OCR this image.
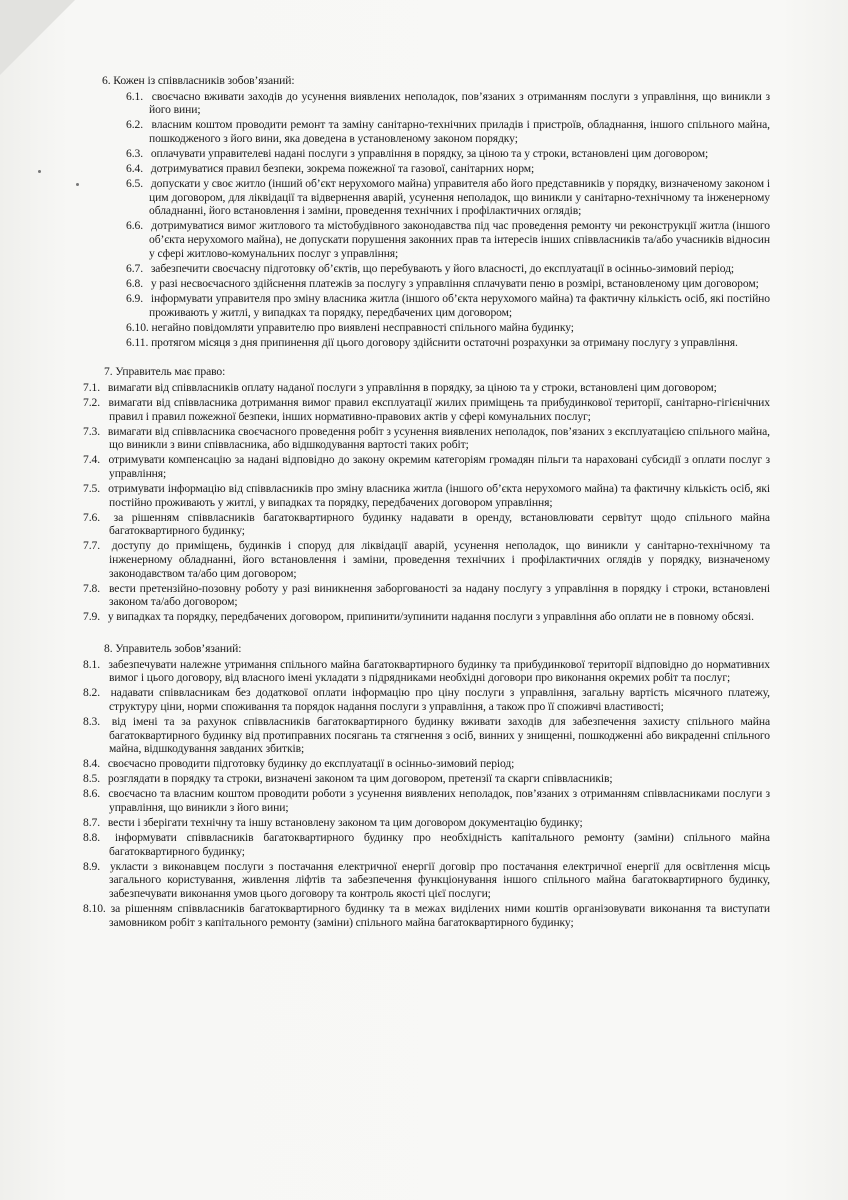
6. Кожен із співвласників зобов’язаний:
6.1. своєчасно вживати заходів до усунення виявлених неполадок, пов’язаних з отриманням послуги з управління, що виникли з його вини;
6.2. власним коштом проводити ремонт та заміну санітарно-технічних приладів і пристроїв, обладнання, іншого спільного майна, пошкодженого з його вини, яка доведена в установленому законом порядку;
6.3. оплачувати управителеві надані послуги з управління в порядку, за ціною та у строки, встановлені цим договором;
6.4. дотримуватися правил безпеки, зокрема пожежної та газової, санітарних норм;
6.5. допускати у своє житло (інший об’єкт нерухомого майна) управителя або його представників у порядку, визначеному законом і цим договором, для ліквідації та відвернення аварій, усунення неполадок, що виникли у санітарно-технічному та інженерному обладнанні, його встановлення і заміни, проведення технічних і профілактичних оглядів;
6.6. дотримуватися вимог житлового та містобудівного законодавства під час проведення ремонту чи реконструкції житла (іншого об’єкта нерухомого майна), не допускати порушення законних прав та інтересів інших співвласників та/або учасників відносин у сфері житлово-комунальних послуг з управління;
6.7. забезпечити своєчасну підготовку об’єктів, що перебувають у його власності, до експлуатації в осінньо-зимовий період;
6.8. у разі несвоєчасного здійснення платежів за послугу з управління сплачувати пеню в розмірі, встановленому цим договором;
6.9. інформувати управителя про зміну власника житла (іншого об’єкта нерухомого майна) та фактичну кількість осіб, які постійно проживають у житлі, у випадках та порядку, передбачених цим договором;
6.10. негайно повідомляти управителю про виявлені несправності спільного майна будинку;
6.11. протягом місяця з дня припинення дії цього договору здійснити остаточні розрахунки за отриману послугу з управління.
7. Управитель має право:
7.1. вимагати від співвласників оплату наданої послуги з управління в порядку, за ціною та у строки, встановлені цим договором;
7.2. вимагати від співвласника дотримання вимог правил експлуатації жилих приміщень та прибудинкової території, санітарно-гігієнічних правил і правил пожежної безпеки, інших нормативно-правових актів у сфері комунальних послуг;
7.3. вимагати від співвласника своєчасного проведення робіт з усунення виявлених неполадок, пов’язаних з експлуатацією спільного майна, що виникли з вини співвласника, або відшкодування вартості таких робіт;
7.4. отримувати компенсацію за надані відповідно до закону окремим категоріям громадян пільги та нараховані субсидії з оплати послуг з управління;
7.5. отримувати інформацію від співвласників про зміну власника житла (іншого об’єкта нерухомого майна) та фактичну кількість осіб, які постійно проживають у житлі, у випадках та порядку, передбачених договором управління;
7.6. за рішенням співвласників багатоквартирного будинку надавати в оренду, встановлювати сервітут щодо спільного майна багатоквартирного будинку;
7.7. доступу до приміщень, будинків і споруд для ліквідації аварій, усунення неполадок, що виникли у санітарно-технічному та інженерному обладнанні, його встановлення і заміни, проведення технічних і профілактичних оглядів у порядку, визначеному законодавством та/або цим договором;
7.8. вести претензійно-позовну роботу у разі виникнення заборгованості за надану послугу з управління в порядку і строки, встановлені законом та/або договором;
7.9. у випадках та порядку, передбачених договором, припинити/зупинити надання послуги з управління або оплати не в повному обсязі.
8. Управитель зобов’язаний:
8.1. забезпечувати належне утримання спільного майна багатоквартирного будинку та прибудинкової території відповідно до нормативних вимог і цього договору, від власного імені укладати з підрядниками необхідні договори про виконання окремих робіт та послуг;
8.2. надавати співвласникам без додаткової оплати інформацію про ціну послуги з управління, загальну вартість місячного платежу, структуру ціни, норми споживання та порядок надання послуги з управління, а також про її споживчі властивості;
8.3. від імені та за рахунок співвласників багатоквартирного будинку вживати заходів для забезпечення захисту спільного майна багатоквартирного будинку від протиправних посягань та стягнення з осіб, винних у знищенні, пошкодженні або викраденні спільного майна, відшкодування завданих збитків;
8.4. своєчасно проводити підготовку будинку до експлуатації в осінньо-зимовий період;
8.5. розглядати в порядку та строки, визначені законом та цим договором, претензії та скарги співвласників;
8.6. своєчасно та власним коштом проводити роботи з усунення виявлених неполадок, пов’язаних з отриманням співвласниками послуги з управління, що виникли з його вини;
8.7. вести і зберігати технічну та іншу встановлену законом та цим договором документацію будинку;
8.8. інформувати співвласників багатоквартирного будинку про необхідність капітального ремонту (заміни) спільного майна багатоквартирного будинку;
8.9. укласти з виконавцем послуги з постачання електричної енергії договір про постачання електричної енергії для освітлення місць загального користування, живлення ліфтів та забезпечення функціонування іншого спільного майна багатоквартирного будинку, забезпечувати виконання умов цього договору та контроль якості цієї послуги;
8.10. за рішенням співвласників багатоквартирного будинку та в межах виділених ними коштів організовувати виконання та виступати замовником робіт з капітального ремонту (заміни) спільного майна багатоквартирного будинку;
